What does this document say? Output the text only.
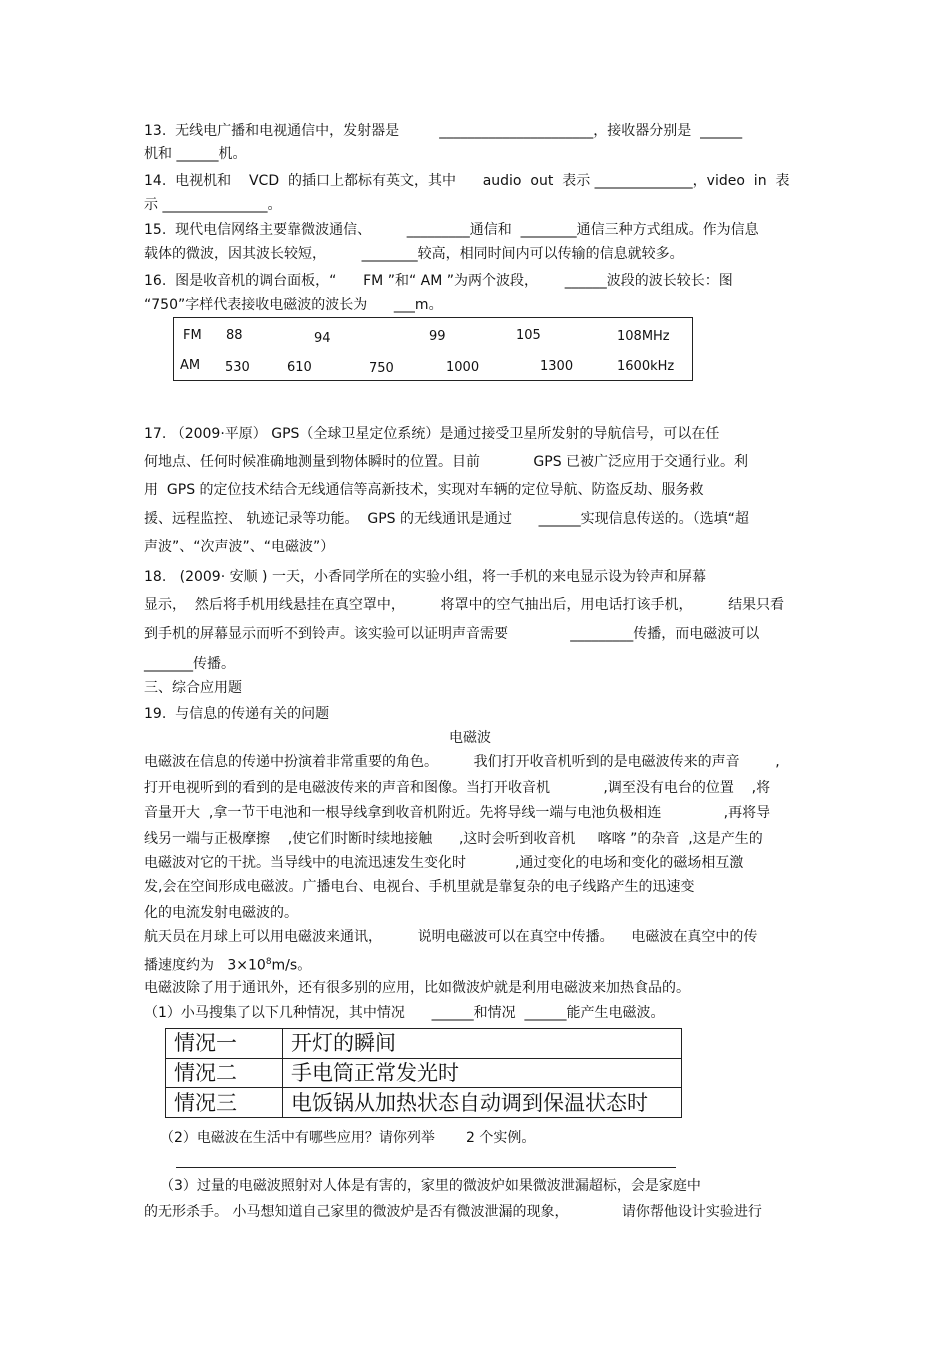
13.  无线电广播和电视通信中，发射器是         ______________________，接收器分别是  ______
机和 ______机。
14.  电视机和    VCD  的插口上都标有英文，其中      audio  out  表示 ______________，video  in  表
示 _______________。
15.  现代电信网络主要靠微波通信、        _________通信和  ________通信三种方式组成。作为信息
载体的微波，因其波长较短，        ________较高，相同时间内可以传输的信息就较多。
16.  图是收音机的调台面板，“      FM ”和“ AM ”为两个波段，      ______波段的波长较长：图
“750”字样代表接收电磁波的波长为      ___m。
FM 88	94	99	105	108MHz
AM 530	610	750	1000	1300	1600kHz
17. （2009·平原） GPS（全球卫星定位系统）是通过接受卫星所发射的导航信号，可以在任
何地点、任何时候准确地测量到物体瞬时的位置。目前            GPS 已被广泛应用于交通行业。利
用  GPS 的定位技术结合无线通信等高新技术，实现对车辆的定位导航、防盗反劫、服务救
援、远程监控、 轨迹记录等功能。  GPS 的无线通讯是通过      ______实现信息传送的。（选填“超
声波”、“次声波”、“电磁波”）
18.   (2009· 安顺 ) 一天，小香同学所在的实验小组，将一手机的来电显示设为铃声和屏幕
显示，  然后将手机用线悬挂在真空罩中，        将罩中的空气抽出后，用电话打该手机，        结果只看
到手机的屏幕显示而听不到铃声。该实验可以证明声音需要              _________传播，而电磁波可以
_______传播。
三、综合应用题
19.  与信息的传递有关的问题
电磁波
电磁波在信息的传递中扮演着非常重要的角色。        我们打开收音机听到的是电磁波传来的声音        ,
打开电视听到的看到的是电磁波传来的声音和图像。当打开收音机            ,调至没有电台的位置    ,将
音量开大  ,拿一节干电池和一根导线拿到收音机附近。先将导线一端与电池负极相连              ,再将导
线另一端与正极摩擦    ,使它们时断时续地接触      ,这时会听到收音机     喀喀 ”的杂音  ,这是产生的
电磁波对它的干扰。当导线中的电流迅速发生变化时           ,通过变化的电场和变化的磁场相互激
发,会在空间形成电磁波。广播电台、电视台、手机里就是靠复杂的电子线路产生的迅速变
化的电流发射电磁波的。
航天员在月球上可以用电磁波来通讯，        说明电磁波可以在真空中传播。    电磁波在真空中的传
播速度约为   $3\times 10^8m/s$。
电磁波除了用于通讯外，还有很多别的应用，比如微波炉就是利用电磁波来加热食品的。
（1）小马搜集了以下几种情况，其中情况      ______和情况  ______能产生电磁波。
情况一	开灯的瞬间
情况二	手电筒正常发光时
情况三	电饭锅从加热状态自动调到保温状态时
（2）电磁波在生活中有哪些应用？请你列举       2 个实例。
（3）过量的电磁波照射对人体是有害的，家里的微波炉如果微波泄漏超标，会是家庭中
的无形杀手。 小马想知道自己家里的微波炉是否有微波泄漏的现象，            请你帮他设计实验进行
